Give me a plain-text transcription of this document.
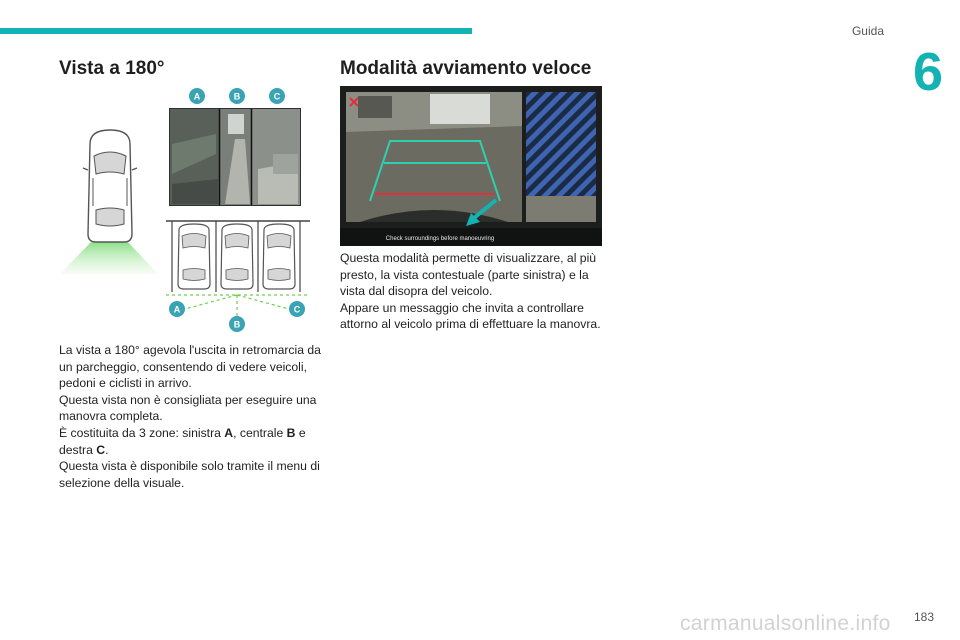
Guida
6
Vista a 180°	Modalità avviamento veloce
A	B	C
A
B
C

La vista a 180° agevola l'uscita in retromarcia da un parcheggio, consentendo di vedere veicoli, pedoni e ciclisti in arrivo.

Questa vista non è consigliata per eseguire una manovra completa.

È costituita da 3 zone: sinistra A, centrale B e destra C.

Questa vista è disponibile solo tramite il menu di selezione della visuale.

Check surroundings before manoeuvring

Questa modalità permette di visualizzare, al più presto, la vista contestuale (parte sinistra) e la vista dal disopra del veicolo.

Appare un messaggio che invita a controllare attorno al veicolo prima di effettuare la manovra.

183
carmanualsonline.info
